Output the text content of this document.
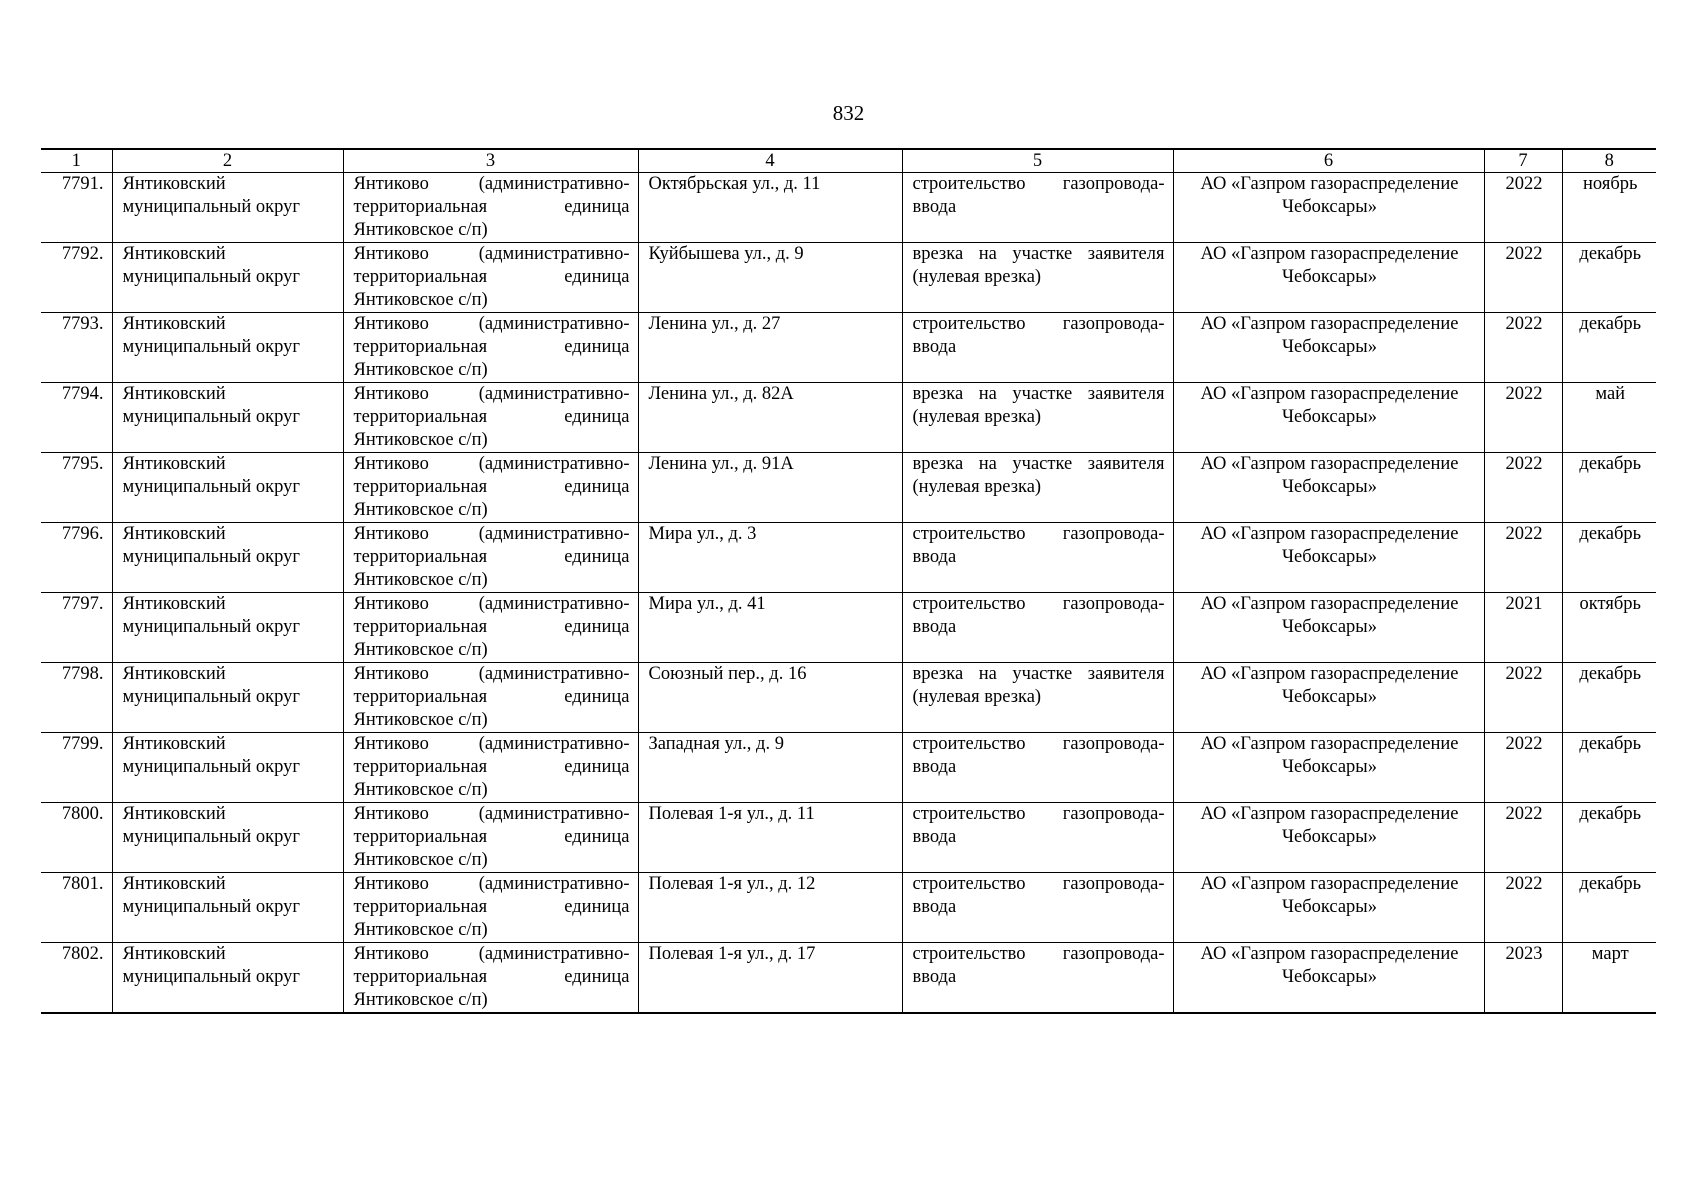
832
1	2	3	4	5	6	7	8
7791.	Янтиковский муниципальный округ	Янтиково (административно-территориальная единица Янтиковское с/п)	Октябрьская ул., д. 11	строительство газопровода-ввода	АО «Газпром газораспределение Чебоксары»	2022	ноябрь
7792.	Янтиковский муниципальный округ	Янтиково (административно-территориальная единица Янтиковское с/п)	Куйбышева ул., д. 9	врезка на участке заявителя (нулевая врезка)	АО «Газпром газораспределение Чебоксары»	2022	декабрь
7793.	Янтиковский муниципальный округ	Янтиково (административно-территориальная единица Янтиковское с/п)	Ленина ул., д. 27	строительство газопровода-ввода	АО «Газпром газораспределение Чебоксары»	2022	декабрь
7794.	Янтиковский муниципальный округ	Янтиково (административно-территориальная единица Янтиковское с/п)	Ленина ул., д. 82А	врезка на участке заявителя (нулевая врезка)	АО «Газпром газораспределение Чебоксары»	2022	май
7795.	Янтиковский муниципальный округ	Янтиково (административно-территориальная единица Янтиковское с/п)	Ленина ул., д. 91А	врезка на участке заявителя (нулевая врезка)	АО «Газпром газораспределение Чебоксары»	2022	декабрь
7796.	Янтиковский муниципальный округ	Янтиково (административно-территориальная единица Янтиковское с/п)	Мира ул., д. 3	строительство газопровода-ввода	АО «Газпром газораспределение Чебоксары»	2022	декабрь
7797.	Янтиковский муниципальный округ	Янтиково (административно-территориальная единица Янтиковское с/п)	Мира ул., д. 41	строительство газопровода-ввода	АО «Газпром газораспределение Чебоксары»	2021	октябрь
7798.	Янтиковский муниципальный округ	Янтиково (административно-территориальная единица Янтиковское с/п)	Союзный пер., д. 16	врезка на участке заявителя (нулевая врезка)	АО «Газпром газораспределение Чебоксары»	2022	декабрь
7799.	Янтиковский муниципальный округ	Янтиково (административно-территориальная единица Янтиковское с/п)	Западная ул., д. 9	строительство газопровода-ввода	АО «Газпром газораспределение Чебоксары»	2022	декабрь
7800.	Янтиковский муниципальный округ	Янтиково (административно-территориальная единица Янтиковское с/п)	Полевая 1-я ул., д. 11	строительство газопровода-ввода	АО «Газпром газораспределение Чебоксары»	2022	декабрь
7801.	Янтиковский муниципальный округ	Янтиково (административно-территориальная единица Янтиковское с/п)	Полевая 1-я ул., д. 12	строительство газопровода-ввода	АО «Газпром газораспределение Чебоксары»	2022	декабрь
7802.	Янтиковский муниципальный округ	Янтиково (административно-территориальная единица Янтиковское с/п)	Полевая 1-я ул., д. 17	строительство газопровода-ввода	АО «Газпром газораспределение Чебоксары»	2023	март
